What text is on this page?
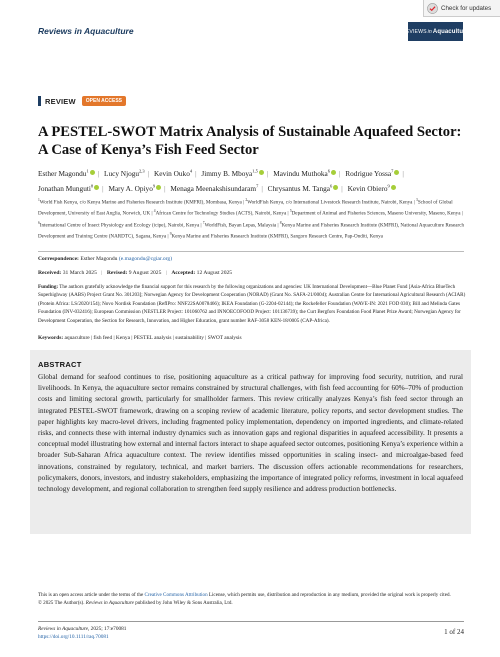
Check for updates
Reviews in Aquaculture	REVIEWS in Aquaculture
REVIEW	OPEN ACCESS
A PESTEL-SWOT Matrix Analysis of Sustainable Aquafeed Sector: A Case of Kenya’s Fish Feed Sector
Esther Magondu$^1$ | Lucy Njogu$^{2,3}$ | Kevin Ouko$^4$ | Jimmy B. Mboya$^{1,5}$ | Mavindu Muthoka$^6$ | Rodrigue Yossa$^7$ |
Jonathan Munguti$^8$ | Mary A. Opiyo$^9$ | Menaga Meenakshisundaram$^7$ | Chrysantus M. Tanga$^6$ | Kevin Obiero$^9$
$^1$World Fish Kenya, c/o Kenya Marine and Fisheries Research Institute (KMFRI), Mombasa, Kenya | $^2$WorldFish Kenya, c/o International Livestock Research Institute, Nairobi, Kenya | $^3$School of Global Development, University of East Anglia, Norwich, UK | $^4$African Centre for Technology Studies (ACTS), Nairobi, Kenya | $^5$Department of Animal and Fisheries Sciences, Maseno University, Maseno, Kenya | $^6$International Centre of Insect Physiology and Ecology (icipe), Nairobi, Kenya | $^7$WorldFish, Bayan Lepas, Malaysia | $^8$Kenya Marine and Fisheries Research Institute (KMFRI), National Aquaculture Research Development and Training Centre (NARDTC), Sagana, Kenya | $^9$Kenya Marine and Fisheries Research Institute (KMFRI), Sangoro Research Centre, Pap-Onditi, Kenya
Correspondence: Esther Magondu (e.magondu@cgiar.org)
Received: 31 March 2025 | Revised: 9 August 2025 | Accepted: 12 August 2025
Funding: The authors gratefully acknowledge the financial support for this research by the following organizations and agencies: UK International Development—Blue Planet Fund [Asia-Africa BlueTech Superhighway (AABS) Project Grant No. 301203]; Norwegian Agency for Development Cooperation (NORAD) (Grant No. SAFA-21/0004); Australian Centre for International Agricultural Research (ACIAR) (Protein Africa: LS/2020/154); Novo Nordisk Foundation (RefIPro: NNF22SA0078466); IKEA Foundation (G-2204-02144); the Rockefeller Foundation (WAVE-IN: 2021 FOD 030); Bill and Melinda Gates Foundation (INV-032416); European Commission (NESTLER Project: 101060762 and INNOECOFOOD Project: 101136739); the Curt Bergfors Foundation Food Planet Prize Award; Norwegian Agency for Development Cooperation, the Section for Research, Innovation, and Higher Education, grant number RAF-3058 KEN-18/0005 (CAP-Africa).
Keywords: aquaculture | fish feed | Kenya | PESTEL analysis | sustainability | SWOT analysis
ABSTRACT
Global demand for seafood continues to rise, positioning aquaculture as a critical pathway for improving food security, nutrition, and rural livelihoods. In Kenya, the aquaculture sector remains constrained by structural challenges, with fish feed accounting for 60%–70% of production costs and limiting sectoral growth, particularly for smallholder farmers. This review critically analyzes Kenya’s fish feed sector through an integrated PESTEL-SWOT framework, drawing on a scoping review of academic literature, policy reports, and sector development studies. The paper highlights key macro-level drivers, including fragmented policy implementation, dependency on imported ingredients, and climate-related risks, and connects these with internal industry dynamics such as innovation gaps and regional disparities in aquafeed accessibility. It presents a conceptual model illustrating how external and internal factors interact to shape aquafeed sector outcomes, positioning Kenya’s experience within a broader Sub-Saharan Africa aquaculture context. The review identifies missed opportunities in scaling insect- and microalgae-based feed innovations, constrained by regulatory, technical, and market barriers. The discussion offers actionable recommendations for researchers, policymakers, donors, investors, and industry stakeholders, emphasizing the importance of integrated policy reforms, investment in local aquafeed technology development, and regional collaboration to strengthen feed supply resilience and address production bottlenecks.
This is an open access article under the terms of the Creative Commons Attribution License, which permits use, distribution and reproduction in any medium, provided the original work is properly cited.
© 2025 The Author(s). Reviews in Aquaculture published by John Wiley & Sons Australia, Ltd.
Reviews in Aquaculture, 2025; 17:e70081
https://doi.org/10.1111/raq.70081
1 of 24
